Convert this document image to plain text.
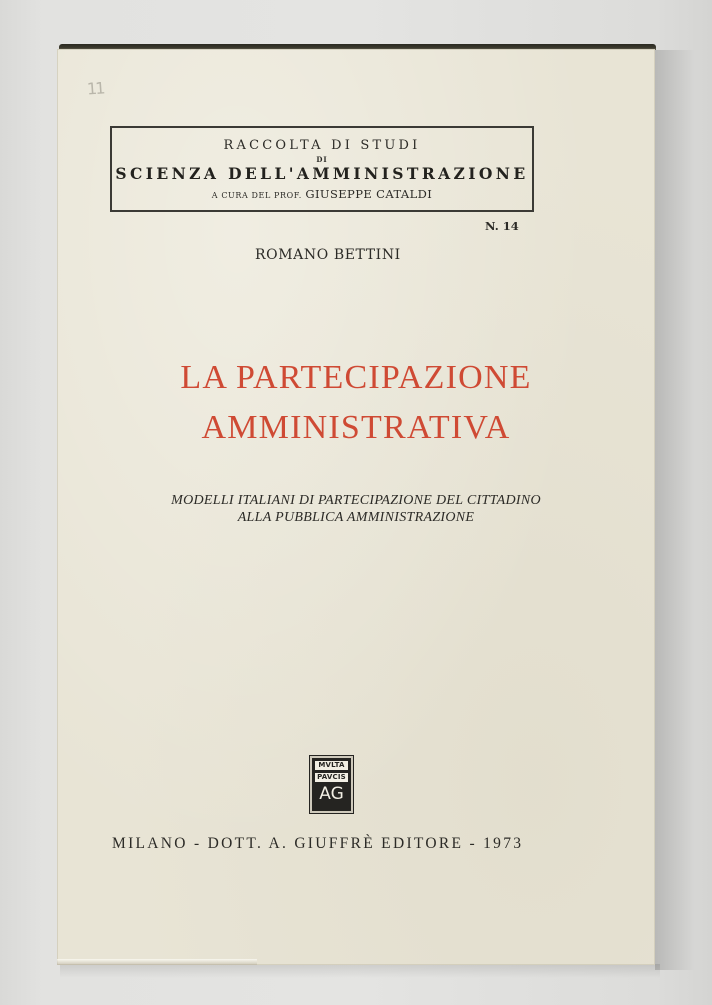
11
RACCOLTA DI STUDI
DI
SCIENZA DELL'AMMINISTRAZIONE
A CURA DEL PROF. GIUSEPPE CATALDI
N. 14
ROMANO BETTINI
LA PARTECIPAZIONE
AMMINISTRATIVA
MODELLI ITALIANI DI PARTECIPAZIONE DEL CITTADINO
ALLA PUBBLICA AMMINISTRAZIONE
MVLTA
PAVCIS
AG
MILANO - DOTT. A. GIUFFRÈ EDITORE - 1973
